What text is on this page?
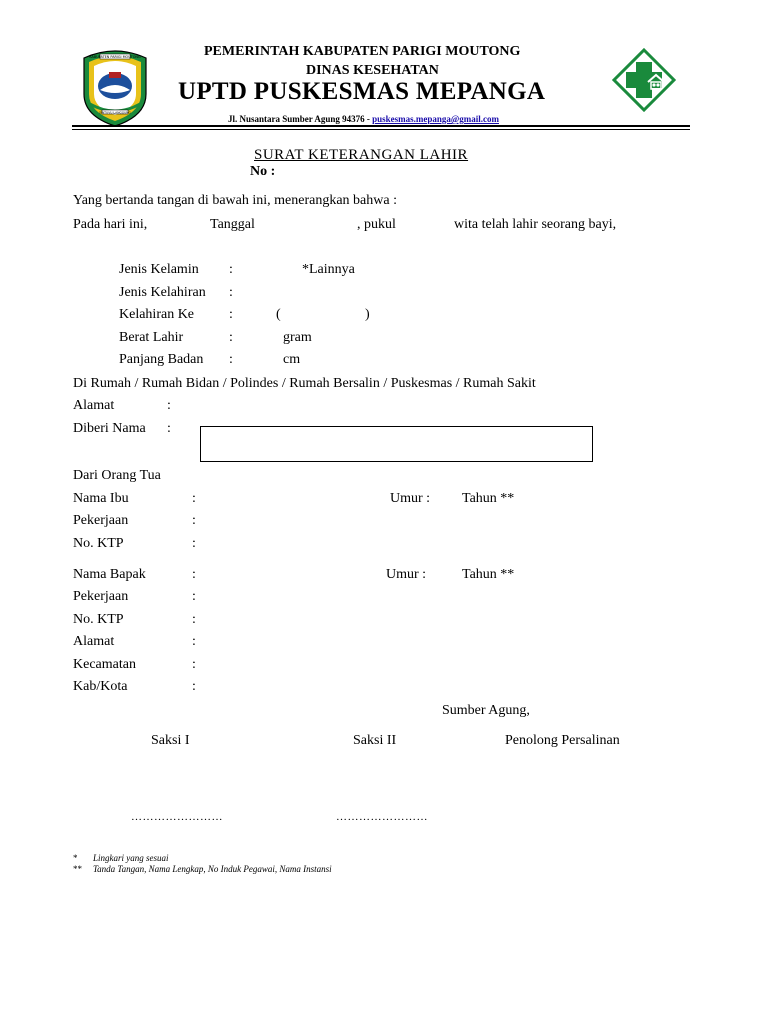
KABUPATEN PARIGI MOUTONG
SINTUVU LANGGUNG
PEMERINTAH KABUPATEN PARIGI MOUTONG
DINAS KESEHATAN
UPTD PUSKESMAS MEPANGA
Jl. Nusantara Sumber Agung 94376 - puskesmas.mepanga@gmail.com
SURAT KETERANGAN LAHIR
No :
Yang bertanda tangan di bawah ini, menerangkan bahwa :
Pada hari ini,	Tanggal	, pukul	wita telah lahir seorang bayi,
Jenis Kelamin :	*Lainnya
Jenis Kelahiran :
Kelahiran Ke :	(	)
Berat Lahir	:	gram
Panjang Badan :	cm
Di Rumah / Rumah Bidan / Polindes / Rumah Bersalin / Puskesmas / Rumah Sakit
Alamat	:
Diberi Nama :
Dari Orang Tua
Nama Ibu	:	Umur : Tahun **
Pekerjaan	:
No. KTP	:
Nama Bapak	:	Umur :	Tahun **
Pekerjaan	:
No. KTP	:
Alamat	:
Kecamatan	:
Kab/Kota	:
Sumber Agung,
Saksi I	Saksi II	Penolong Persalinan
……………………	……………………
* Lingkari yang sesuai
** Tanda Tangan, Nama Lengkap, No Induk Pegawai, Nama Instansi
